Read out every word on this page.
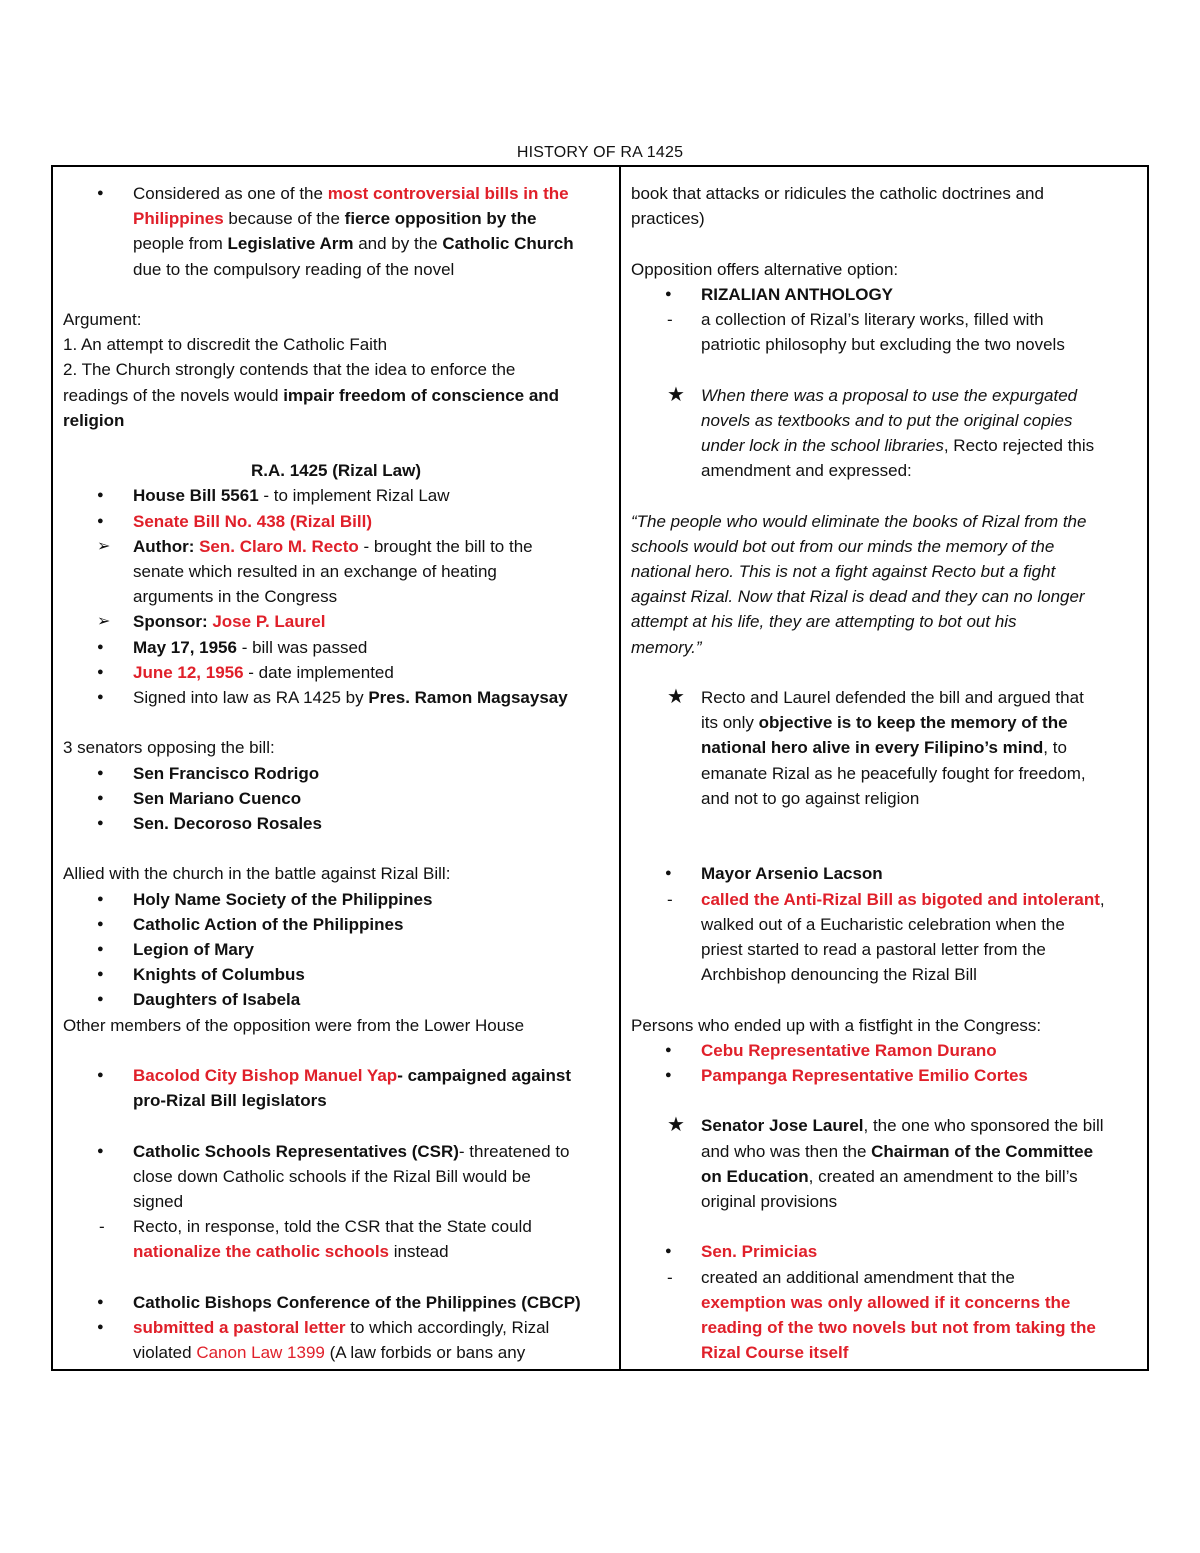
HISTORY OF RA 1425
●	Considered as one of the most controversial bills in the
Philippines because of the fierce opposition by the
people from Legislative Arm and by the Catholic Church
due to the compulsory reading of the novel
Argument:
1. An attempt to discredit the Catholic Faith
2. The Church strongly contends that the idea to enforce the
readings of the novels would impair freedom of conscience and
religion
R.A. 1425 (Rizal Law)
●	House Bill 5561 - to implement Rizal Law
●	Senate Bill No. 438 (Rizal Bill)
➢	Author: Sen. Claro M. Recto - brought the bill to the
senate which resulted in an exchange of heating
arguments in the Congress
➢	Sponsor: Jose P. Laurel
●	May 17, 1956 - bill was passed
●	June 12, 1956 - date implemented
●	Signed into law as RA 1425 by Pres. Ramon Magsaysay
3 senators opposing the bill:
●	Sen Francisco Rodrigo
●	Sen Mariano Cuenco
●	Sen. Decoroso Rosales
Allied with the church in the battle against Rizal Bill:
●	Holy Name Society of the Philippines
●	Catholic Action of the Philippines
●	Legion of Mary
●	Knights of Columbus
●	Daughters of Isabela
Other members of the opposition were from the Lower House
●	Bacolod City Bishop Manuel Yap- campaigned against
pro-Rizal Bill legislators
●	Catholic Schools Representatives (CSR)- threatened to
close down Catholic schools if the Rizal Bill would be
signed
-	Recto, in response, told the CSR that the State could
nationalize the catholic schools instead
●	Catholic Bishops Conference of the Philippines (CBCP)
●	submitted a pastoral letter to which accordingly, Rizal
violated Canon Law 1399 (A law forbids or bans any
book that attacks or ridicules the catholic doctrines and
practices)
Opposition offers alternative option:
●	RIZALIAN ANTHOLOGY
-	a collection of Rizal’s literary works, filled with
patriotic philosophy but excluding the two novels
★ When there was a proposal to use the expurgated
novels as textbooks and to put the original copies
under lock in the school libraries, Recto rejected this
amendment and expressed:
“The people who would eliminate the books of Rizal from the
schools would bot out from our minds the memory of the
national hero. This is not a fight against Recto but a fight
against Rizal. Now that Rizal is dead and they can no longer
attempt at his life, they are attempting to bot out his
memory.”
★ Recto and Laurel defended the bill and argued that
its only objective is to keep the memory of the
national hero alive in every Filipino’s mind, to
emanate Rizal as he peacefully fought for freedom,
and not to go against religion
●	Mayor Arsenio Lacson
-	called the Anti-Rizal Bill as bigoted and intolerant,
walked out of a Eucharistic celebration when the
priest started to read a pastoral letter from the
Archbishop denouncing the Rizal Bill
Persons who ended up with a fistfight in the Congress:
●	Cebu Representative Ramon Durano
●	Pampanga Representative Emilio Cortes
★ Senator Jose Laurel, the one who sponsored the bill
and who was then the Chairman of the Committee
on Education, created an amendment to the bill’s
original provisions
●	Sen. Primicias
-	created an additional amendment that the
exemption was only allowed if it concerns the
reading of the two novels but not from taking the
Rizal Course itself
